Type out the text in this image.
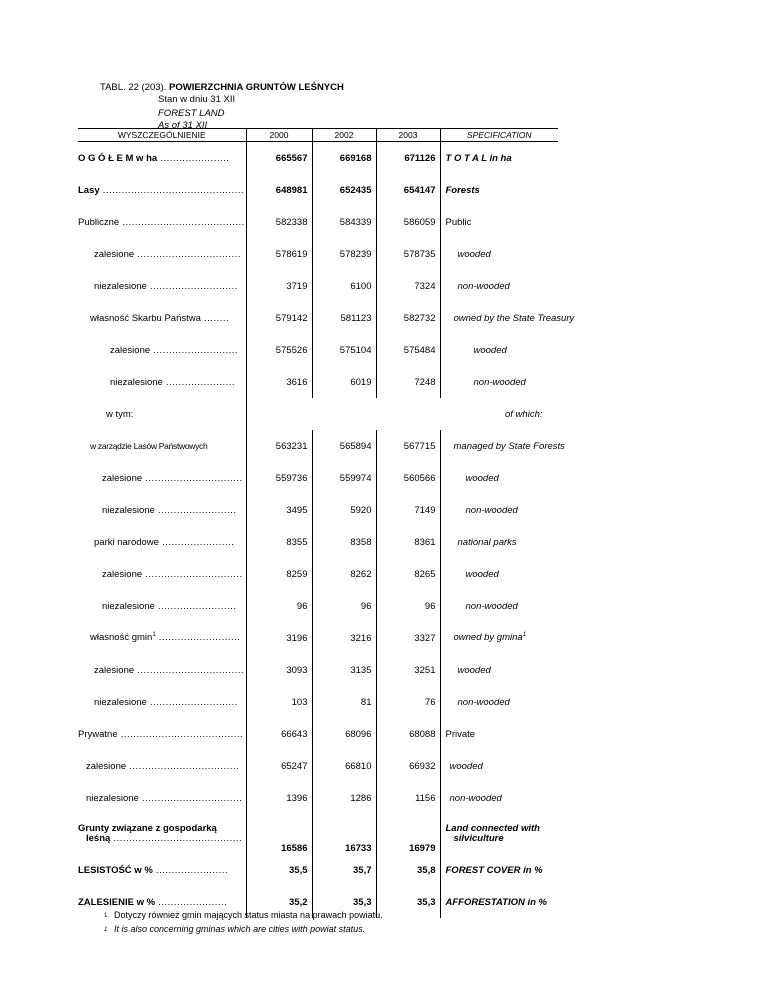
TABL. 22 (203). POWIERZCHNIA GRUNTÓW LEŚNYCH
Stan w dniu 31 XII
FOREST LAND
As of 31 XII
WYSZCZEGÓLNIENIE	2000	2002	2003	SPECIFICATION
O G Ó Ł E M w ha ......................	665567	669168	671126	T O T A L in ha
Lasy .............................................	648981	652435	654147	Forests
Publiczne .......................................	582338	584339	586059	Public
zalesione .................................	578619	578239	578735	wooded
niezalesione ............................	3719	6100	7324	non-wooded
własność Skarbu Państwa ........	579142	581123	582732	owned by the State Treasury
zalesione ...........................	575526	575104	575484	wooded
niezalesione ......................	3616	6019	7248	non-wooded
w tym:				of which:
w zarządzie Lasów Państwowych	563231	565894	567715	managed by State Forests
zalesione ...............................	559736	559974	560566	wooded
niezalesione .........................	3495	5920	7149	non-wooded
parki narodowe .......................	8355	8358	8361	national parks
zalesione ...............................	8259	8262	8265	wooded
niezalesione .........................	96	96	96	non-wooded
własność gmin$^1$ ..........................	3196	3216	3327	owned by gmina$^1$
zalesione ..................................	3093	3135	3251	wooded
niezalesione ............................	103	81	76	non-wooded
Prywatne .......................................	66643	68096	68088	Private
zalesione ...................................	65247	66810	66932	wooded
niezalesione ................................	1396	1286	1156	non-wooded
Grunty związane z gospodarką
leśną .........................................	16586	16733	16979	Land connected with
silviculture
LESISTOŚĆ w % .......................	35,5	35,7	35,8	FOREST COVER in %
ZALESIENIE w % ......................	35,2	35,3	35,3	AFFORESTATION in %
1 Dotyczy również gmin mających status miasta na prawach powiatu.
1 It is also concerning gminas which are cities with powiat status.
